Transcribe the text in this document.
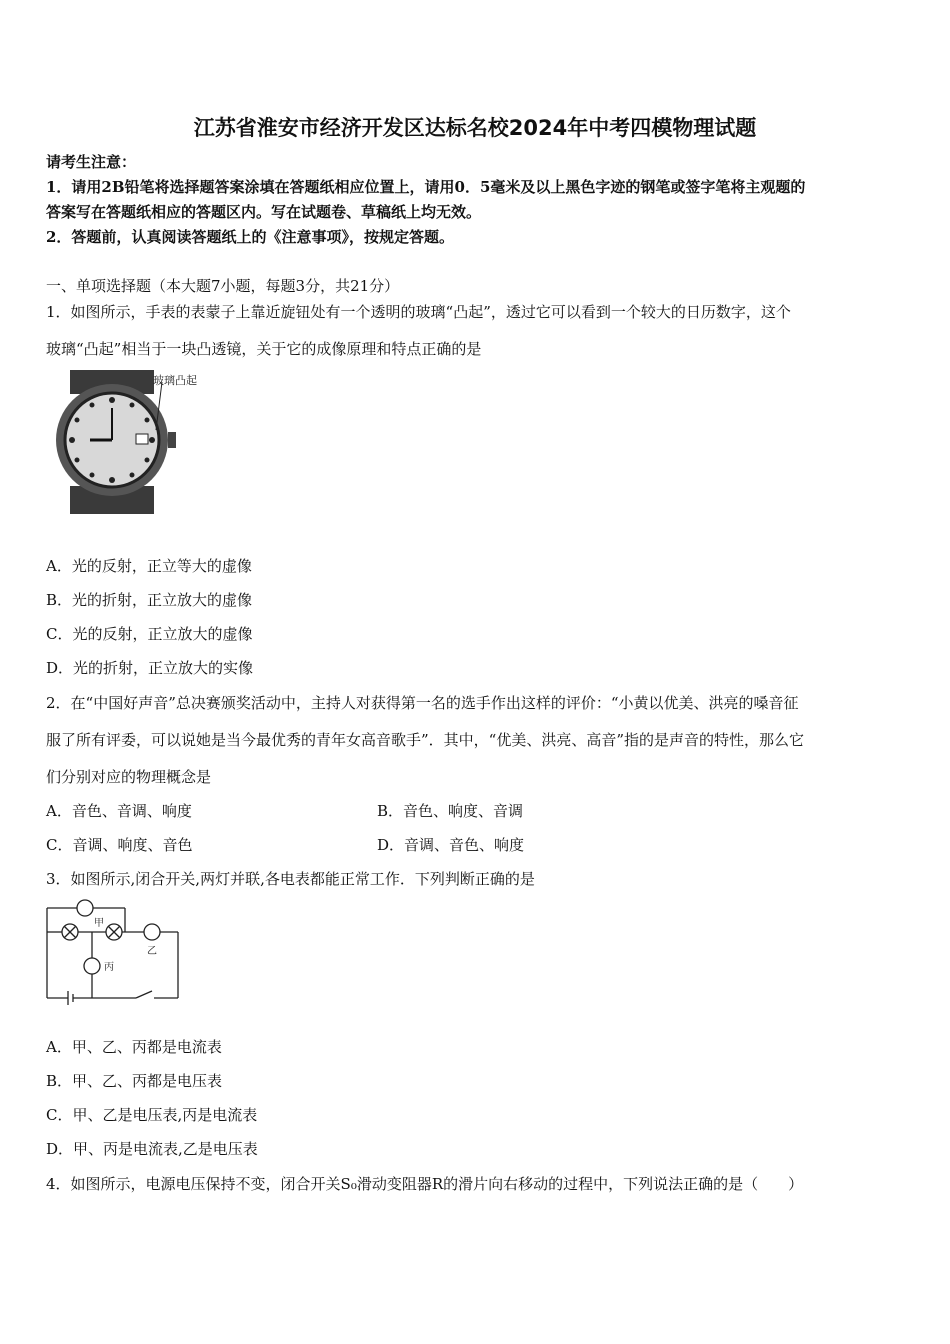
江苏省淮安市经济开发区达标名校2024年中考四模物理试题
请考生注意：
1．请用2B铅笔将选择题答案涂填在答题纸相应位置上，请用0．5毫米及以上黑色字迹的钢笔或签字笔将主观题的
答案写在答题纸相应的答题区内。写在试题卷、草稿纸上均无效。
2．答题前，认真阅读答题纸上的《注意事项》，按规定答题。
一、单项选择题（本大题7小题，每题3分，共21分）
1．如图所示，手表的表蒙子上靠近旋钮处有一个透明的玻璃“凸起”，透过它可以看到一个较大的日历数字，这个
玻璃“凸起”相当于一块凸透镜，关于它的成像原理和特点正确的是
玻璃凸起
A．光的反射，正立等大的虚像
B．光的折射，正立放大的虚像
C．光的反射，正立放大的虚像
D．光的折射，正立放大的实像
2．在“中国好声音”总决赛颁奖活动中，主持人对获得第一名的选手作出这样的评价：“小黄以优美、洪亮的嗓音征
服了所有评委，可以说她是当今最优秀的青年女高音歌手”．其中，“优美、洪亮、高音”指的是声音的特性，那么它
们分别对应的物理概念是
A．音色、音调、响度	B．音色、响度、音调
C．音调、响度、音色	D．音调、音色、响度
3．如图所示,闭合开关,两灯并联,各电表都能正常工作．下列判断正确的是
甲
乙
丙
A．甲、乙、丙都是电流表
B．甲、乙、丙都是电压表
C．甲、乙是电压表,丙是电流表
D．甲、丙是电流表,乙是电压表
4．如图所示，电源电压保持不变，闭合开关S₀滑动变阻器R的滑片向右移动的过程中，下列说法正确的是（　　）
